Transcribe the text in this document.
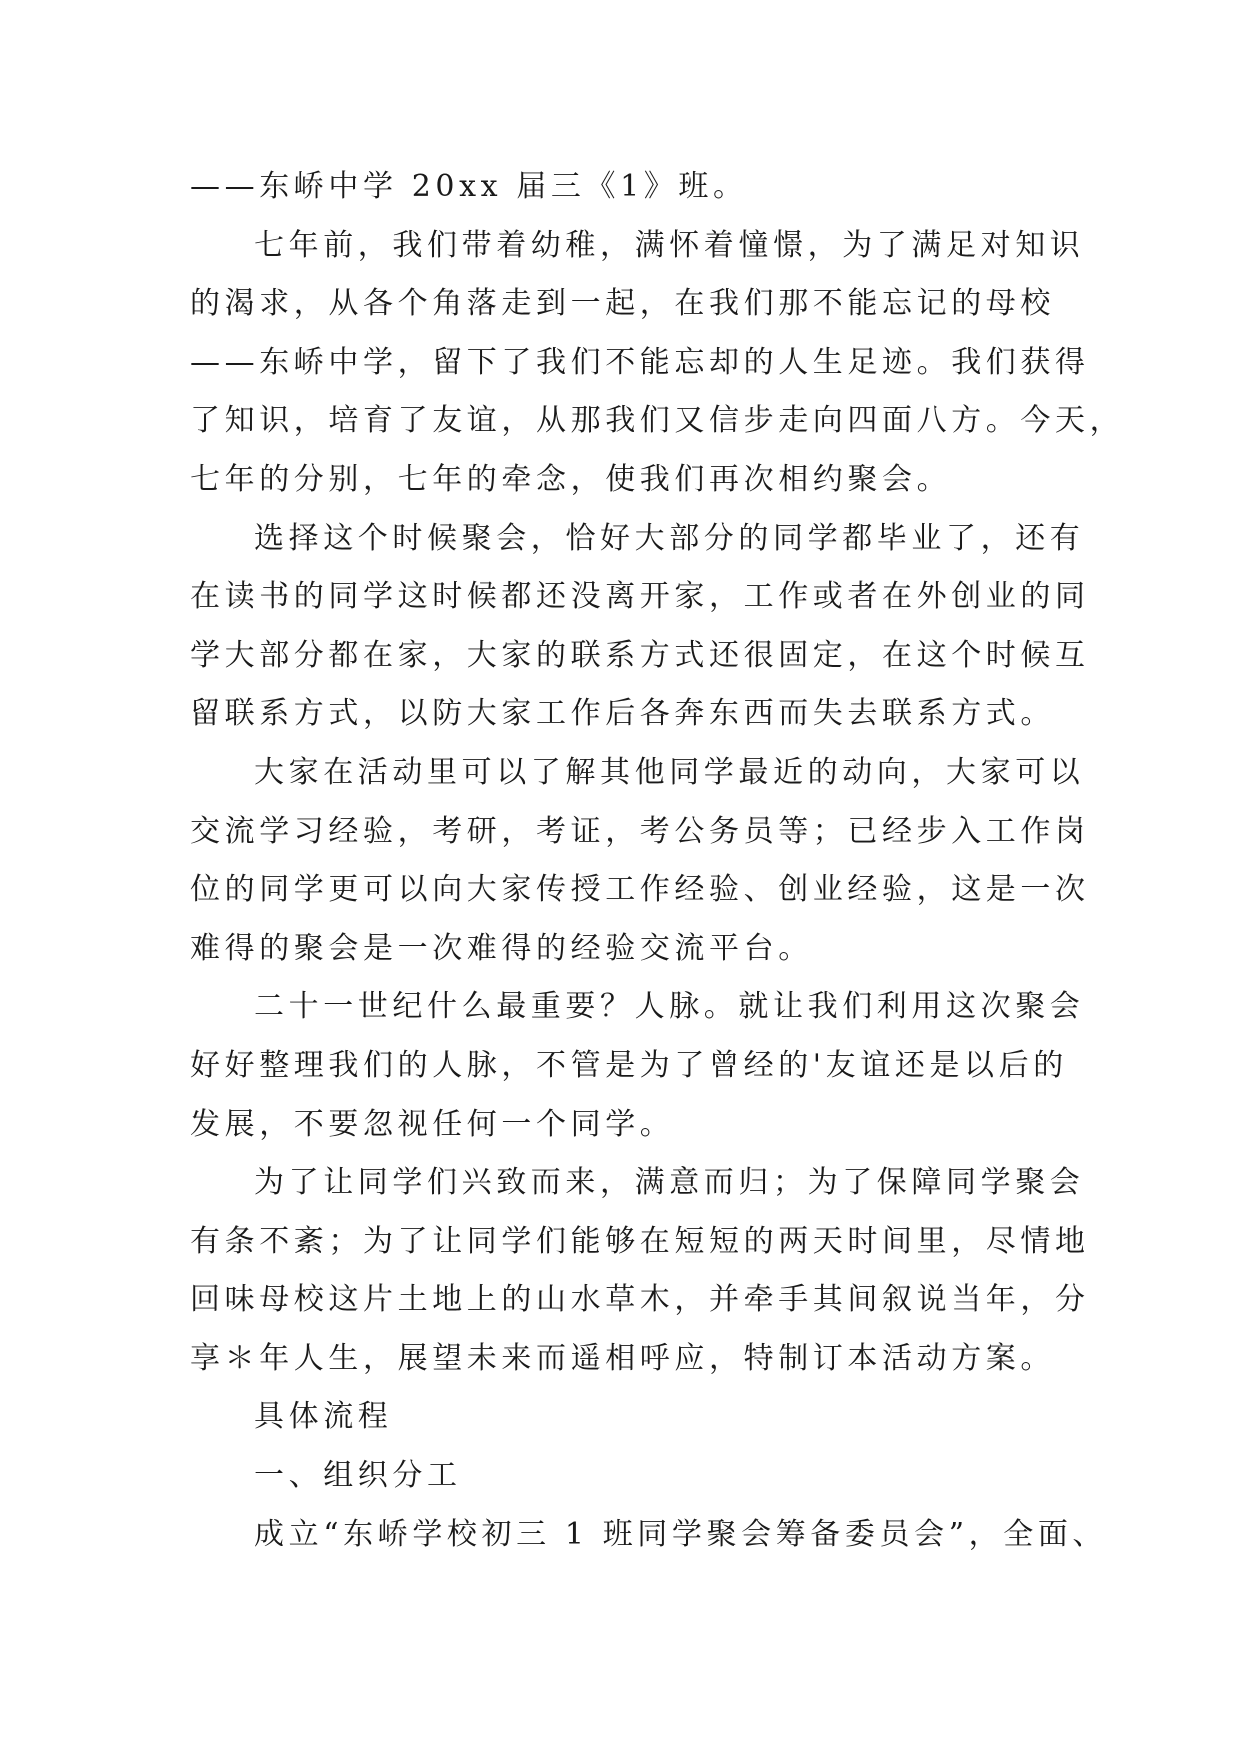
——东峤中学 20xx 届三《1》班。

七年前，我们带着幼稚，满怀着憧憬，为了满足对知识
的渴求，从各个角落走到一起，在我们那不能忘记的母校
——东峤中学，留下了我们不能忘却的人生足迹。我们获得
了知识，培育了友谊，从那我们又信步走向四面八方。今天，
七年的分别，七年的牵念，使我们再次相约聚会。

选择这个时候聚会，恰好大部分的同学都毕业了，还有
在读书的同学这时候都还没离开家，工作或者在外创业的同
学大部分都在家，大家的联系方式还很固定，在这个时候互
留联系方式，以防大家工作后各奔东西而失去联系方式。

大家在活动里可以了解其他同学最近的动向，大家可以
交流学习经验，考研，考证，考公务员等；已经步入工作岗
位的同学更可以向大家传授工作经验、创业经验，这是一次
难得的聚会是一次难得的经验交流平台。

二十一世纪什么最重要？人脉。就让我们利用这次聚会
好好整理我们的人脉，不管是为了曾经的'友谊还是以后的
发展，不要忽视任何一个同学。

为了让同学们兴致而来，满意而归；为了保障同学聚会
有条不紊；为了让同学们能够在短短的两天时间里，尽情地
回味母校这片土地上的山水草木，并牵手其间叙说当年，分
享＊年人生，展望未来而遥相呼应，特制订本活动方案。

具体流程

一、组织分工

成立“东峤学校初三 1 班同学聚会筹备委员会”，全面、
